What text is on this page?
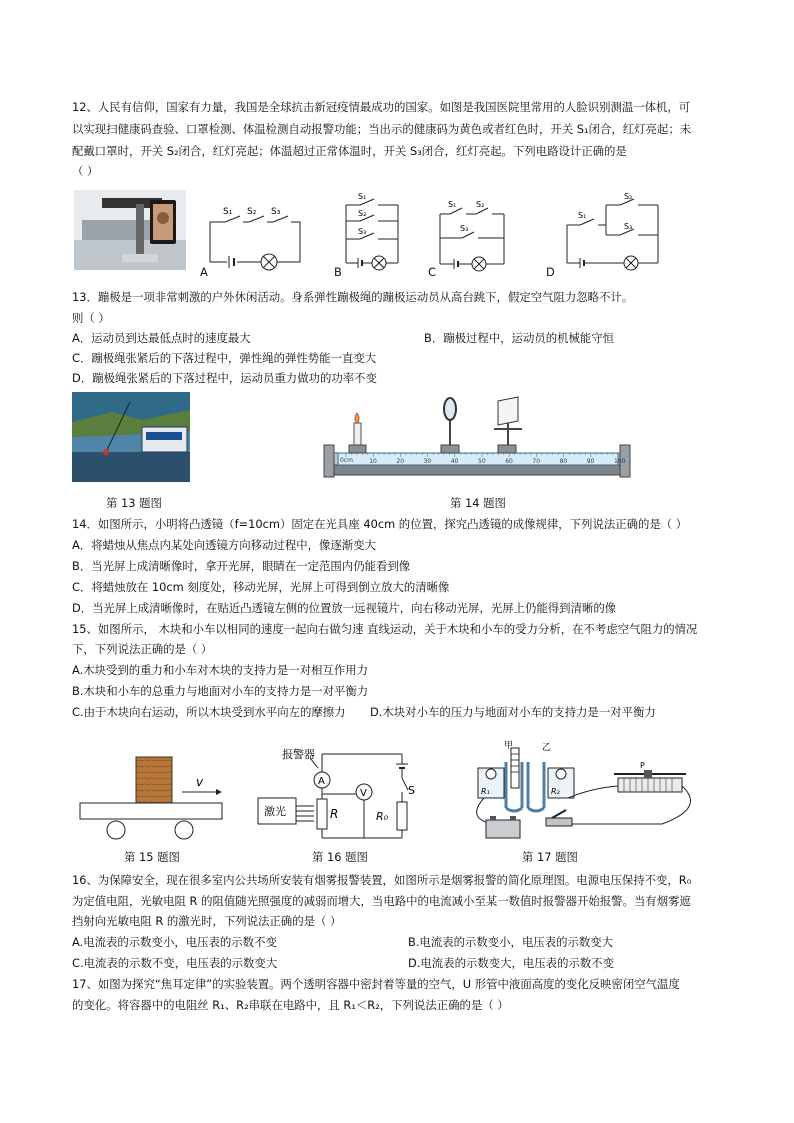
12、人民有信仰，国家有力量，我国是全球抗击新冠疫情最成功的国家。如图是我国医院里常用的人脸识别测温一体机，可
以实现扫健康码查验、口罩检测、体温检测自动报警功能；当出示的健康码为黄色或者红色时，开关 S₁闭合，红灯亮起；未
配戴口罩时，开关 S₂闭合，红灯亮起；体温超过正常体温时，开关 S₃闭合，红灯亮起。下列电路设计正确的是
（ ）
A
S₁ S₂ S₃
B
S₁
S₂
S₃
C
S₁ S₂
S₃
D
S₁
S₂
S₃
13．蹦极是一项非常刺激的户外休闲活动。身系弹性蹦极绳的蹦极运动员从高台跳下，假定空气阻力忽略不计。
则（ ）
A．运动员到达最低点时的速度最大	B．蹦极过程中，运动员的机械能守恒
C．蹦极绳张紧后的下落过程中，弹性绳的弹性势能一直变大
D．蹦极绳张紧后的下落过程中，运动员重力做功的功率不变
第 13 题图
0cm	10	20	30	40	50	60	70	80	90	100
第 14 题图
14．如图所示，小明将凸透镜（f=10cm）固定在光具座 40cm 的位置，探究凸透镜的成像规律，下列说法正确的是（ ）
A．将蜡烛从焦点内某处向透镜方向移动过程中，像逐渐变大
B．当光屏上成清晰像时，拿开光屏，眼睛在一定范围内仍能看到像
C．将蜡烛放在 10cm 刻度处，移动光屏，光屏上可得到倒立放大的清晰像
D．当光屏上成清晰像时，在贴近凸透镜左侧的位置放一远视镜片，向右移动光屏，光屏上仍能得到清晰的像
15、如图所示， 木块和小车以相同的速度一起向右做匀速 直线运动，关于木块和小车的受力分析，在不考虑空气阻力的情况
下，下列说法正确的是（ ）
A.木块受到的重力和小车对木块的支持力是一对相互作用力
B.木块和小车的总重力与地面对小车的支持力是一对平衡力
C.由于木块向右运动，所以木块受到水平向左的摩擦力 D.木块对小车的压力与地面对小车的支持力是一对平衡力
v
第 15 题图
报警器
A
R
V	S
R₀
激光
第 16 题图
甲	乙
R₁	R₂
P
第 17 题图
16、为保障安全，现在很多室内公共场所安装有烟雾报警装置，如图所示是烟雾报警的简化原理图。电源电压保持不变，R₀
为定值电阻，光敏电阻 R 的阻值随光照强度的减弱而增大，当电路中的电流减小至某一数值时报警器开始报警。当有烟雾遮
挡射向光敏电阻 R 的激光时，下列说法正确的是（ ）
A.电流表的示数变小，电压表的示数不变	B.电流表的示数变小，电压表的示数变大
C.电流表的示数不变，电压表的示数变大	D.电流表的示数变大，电压表的示数不变
17、如图为探究“焦耳定律”的实验装置。两个透明容器中密封着等量的空气，U 形管中液面高度的变化反映密闭空气温度
的变化。将容器中的电阻丝 R₁、R₂串联在电路中，且 R₁＜R₂，下列说法正确的是（ ）
